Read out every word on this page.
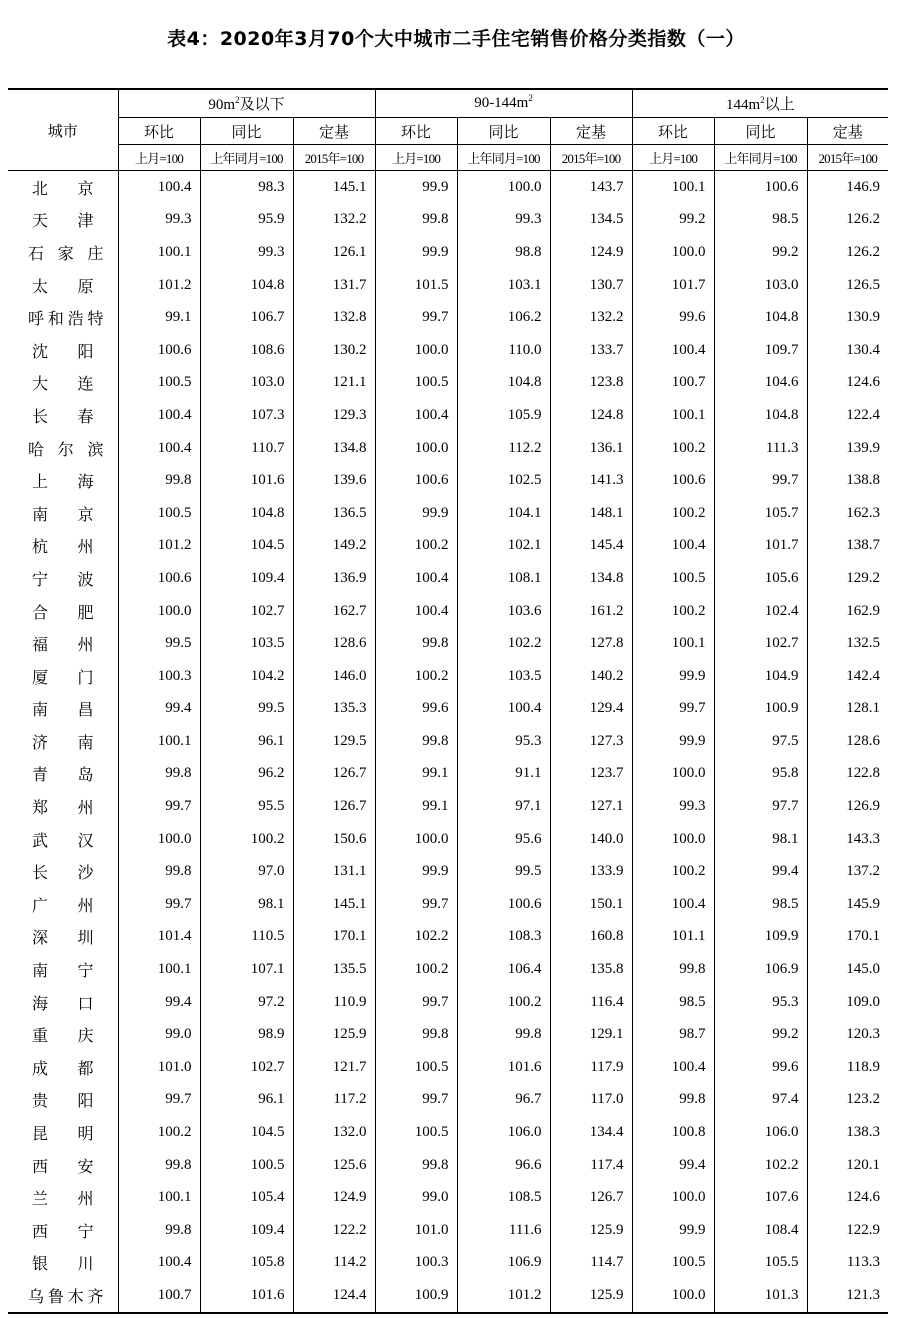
表4：2020年3月70个大中城市二手住宅销售价格分类指数（一）
城市	$90m^2$及以下			$90-144m^2$			$144m^2$以上		
	环比	同比	定基	环比	同比	定基	环比	同比	定基
	上月=100	上年同月=100	2015年=100	上月=100	上年同月=100	2015年=100	上月=100	上年同月=100	2015年=100
北京	100.4	98.3	145.1	99.9	100.0	143.7	100.1	100.6	146.9
天津	99.3	95.9	132.2	99.8	99.3	134.5	99.2	98.5	126.2
石家庄	100.1	99.3	126.1	99.9	98.8	124.9	100.0	99.2	126.2
太原	101.2	104.8	131.7	101.5	103.1	130.7	101.7	103.0	126.5
呼和浩特	99.1	106.7	132.8	99.7	106.2	132.2	99.6	104.8	130.9
沈阳	100.6	108.6	130.2	100.0	110.0	133.7	100.4	109.7	130.4
大连	100.5	103.0	121.1	100.5	104.8	123.8	100.7	104.6	124.6
长春	100.4	107.3	129.3	100.4	105.9	124.8	100.1	104.8	122.4
哈尔滨	100.4	110.7	134.8	100.0	112.2	136.1	100.2	111.3	139.9
上海	99.8	101.6	139.6	100.6	102.5	141.3	100.6	99.7	138.8
南京	100.5	104.8	136.5	99.9	104.1	148.1	100.2	105.7	162.3
杭州	101.2	104.5	149.2	100.2	102.1	145.4	100.4	101.7	138.7
宁波	100.6	109.4	136.9	100.4	108.1	134.8	100.5	105.6	129.2
合肥	100.0	102.7	162.7	100.4	103.6	161.2	100.2	102.4	162.9
福州	99.5	103.5	128.6	99.8	102.2	127.8	100.1	102.7	132.5
厦门	100.3	104.2	146.0	100.2	103.5	140.2	99.9	104.9	142.4
南昌	99.4	99.5	135.3	99.6	100.4	129.4	99.7	100.9	128.1
济南	100.1	96.1	129.5	99.8	95.3	127.3	99.9	97.5	128.6
青岛	99.8	96.2	126.7	99.1	91.1	123.7	100.0	95.8	122.8
郑州	99.7	95.5	126.7	99.1	97.1	127.1	99.3	97.7	126.9
武汉	100.0	100.2	150.6	100.0	95.6	140.0	100.0	98.1	143.3
长沙	99.8	97.0	131.1	99.9	99.5	133.9	100.2	99.4	137.2
广州	99.7	98.1	145.1	99.7	100.6	150.1	100.4	98.5	145.9
深圳	101.4	110.5	170.1	102.2	108.3	160.8	101.1	109.9	170.1
南宁	100.1	107.1	135.5	100.2	106.4	135.8	99.8	106.9	145.0
海口	99.4	97.2	110.9	99.7	100.2	116.4	98.5	95.3	109.0
重庆	99.0	98.9	125.9	99.8	99.8	129.1	98.7	99.2	120.3
成都	101.0	102.7	121.7	100.5	101.6	117.9	100.4	99.6	118.9
贵阳	99.7	96.1	117.2	99.7	96.7	117.0	99.8	97.4	123.2
昆明	100.2	104.5	132.0	100.5	106.0	134.4	100.8	106.0	138.3
西安	99.8	100.5	125.6	99.8	96.6	117.4	99.4	102.2	120.1
兰州	100.1	105.4	124.9	99.0	108.5	126.7	100.0	107.6	124.6
西宁	99.8	109.4	122.2	101.0	111.6	125.9	99.9	108.4	122.9
银川	100.4	105.8	114.2	100.3	106.9	114.7	100.5	105.5	113.3
乌鲁木齐	100.7	101.6	124.4	100.9	101.2	125.9	100.0	101.3	121.3
